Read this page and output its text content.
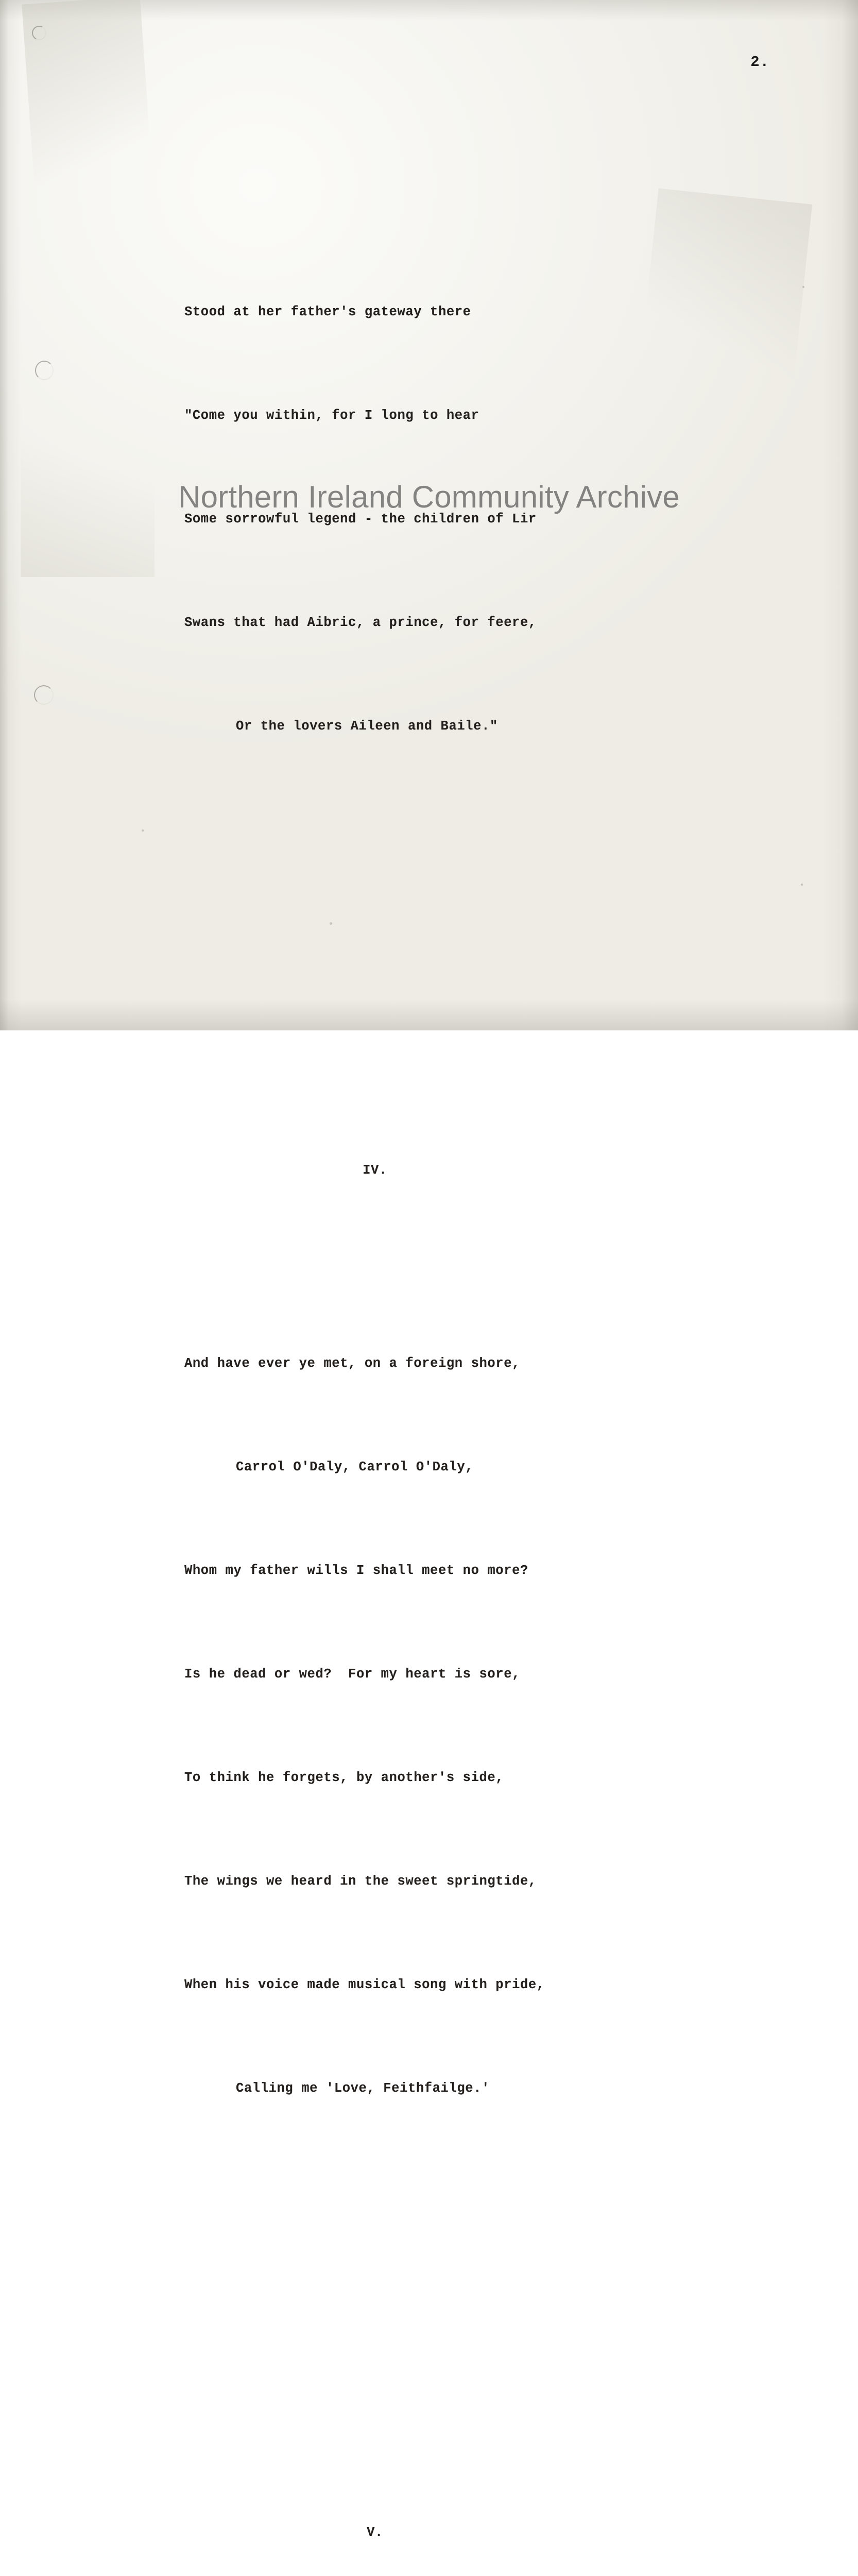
2.

Stood at her father's gateway there

"Come you within, for I long to hear

Some sorrowful legend - the children of Lir

Swans that had Aibric, a prince, for feere,

Or the lovers Aileen and Baile."

IV.

And have ever ye met, on a foreign shore,

Carrol O'Daly, Carrol O'Daly,

Whom my father wills I shall meet no more?

Is he dead or wed?  For my heart is sore,

To think he forgets, by another's side,

The wings we heard in the sweet springtide,

When his voice made musical song with pride,

Calling me 'Love, Feithfailge.'

V.

Northern Ireland Community Archive
